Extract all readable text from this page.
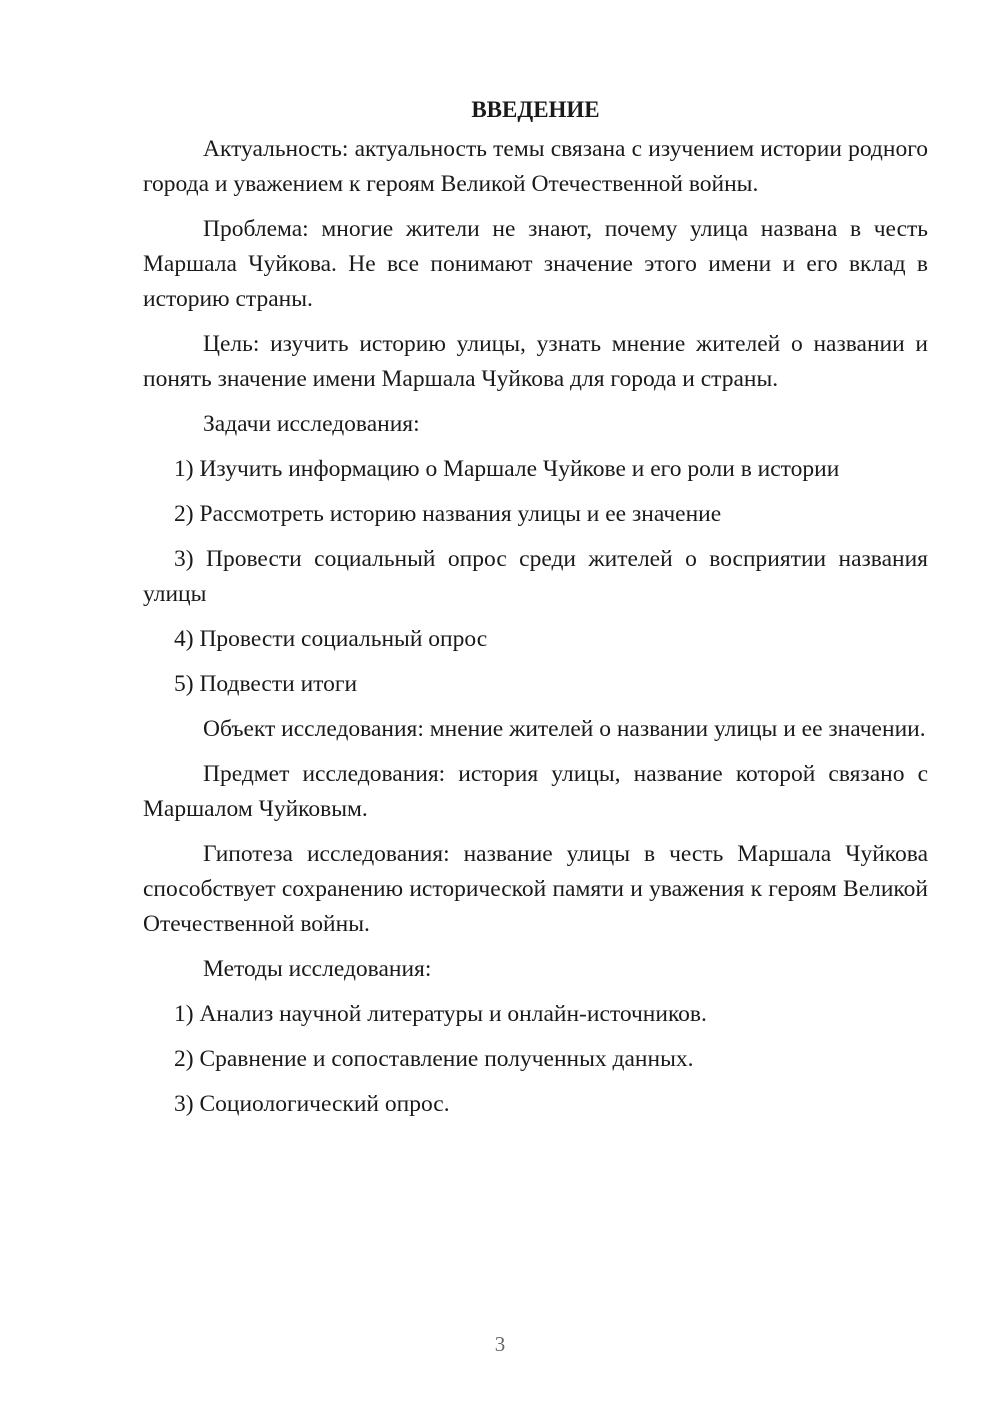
ВВЕДЕНИЕ

Актуальность: актуальность темы связана с изучением истории родного города и уважением к героям Великой Отечественной войны.

Проблема: многие жители не знают, почему улица названа в честь Маршала Чуйкова. Не все понимают значение этого имени и его вклад в историю страны.

Цель: изучить историю улицы, узнать мнение жителей о названии и понять значение имени Маршала Чуйкова для города и страны.

Задачи исследования:

1) Изучить информацию о Маршале Чуйкове и его роли в истории

2) Рассмотреть историю названия улицы и ее значение

3) Провести социальный опрос среди жителей о восприятии названия улицы

4) Провести социальный опрос

5) Подвести итоги

Объект исследования: мнение жителей о названии улицы и ее значении.

Предмет исследования: история улицы, название которой связано с Маршалом Чуйковым.

Гипотеза исследования: название улицы в честь Маршала Чуйкова способствует сохранению исторической памяти и уважения к героям Великой Отечественной войны.

Методы исследования:

1) Анализ научной литературы и онлайн-источников.

2) Сравнение и сопоставление полученных данных.

3) Социологический опрос.

3
